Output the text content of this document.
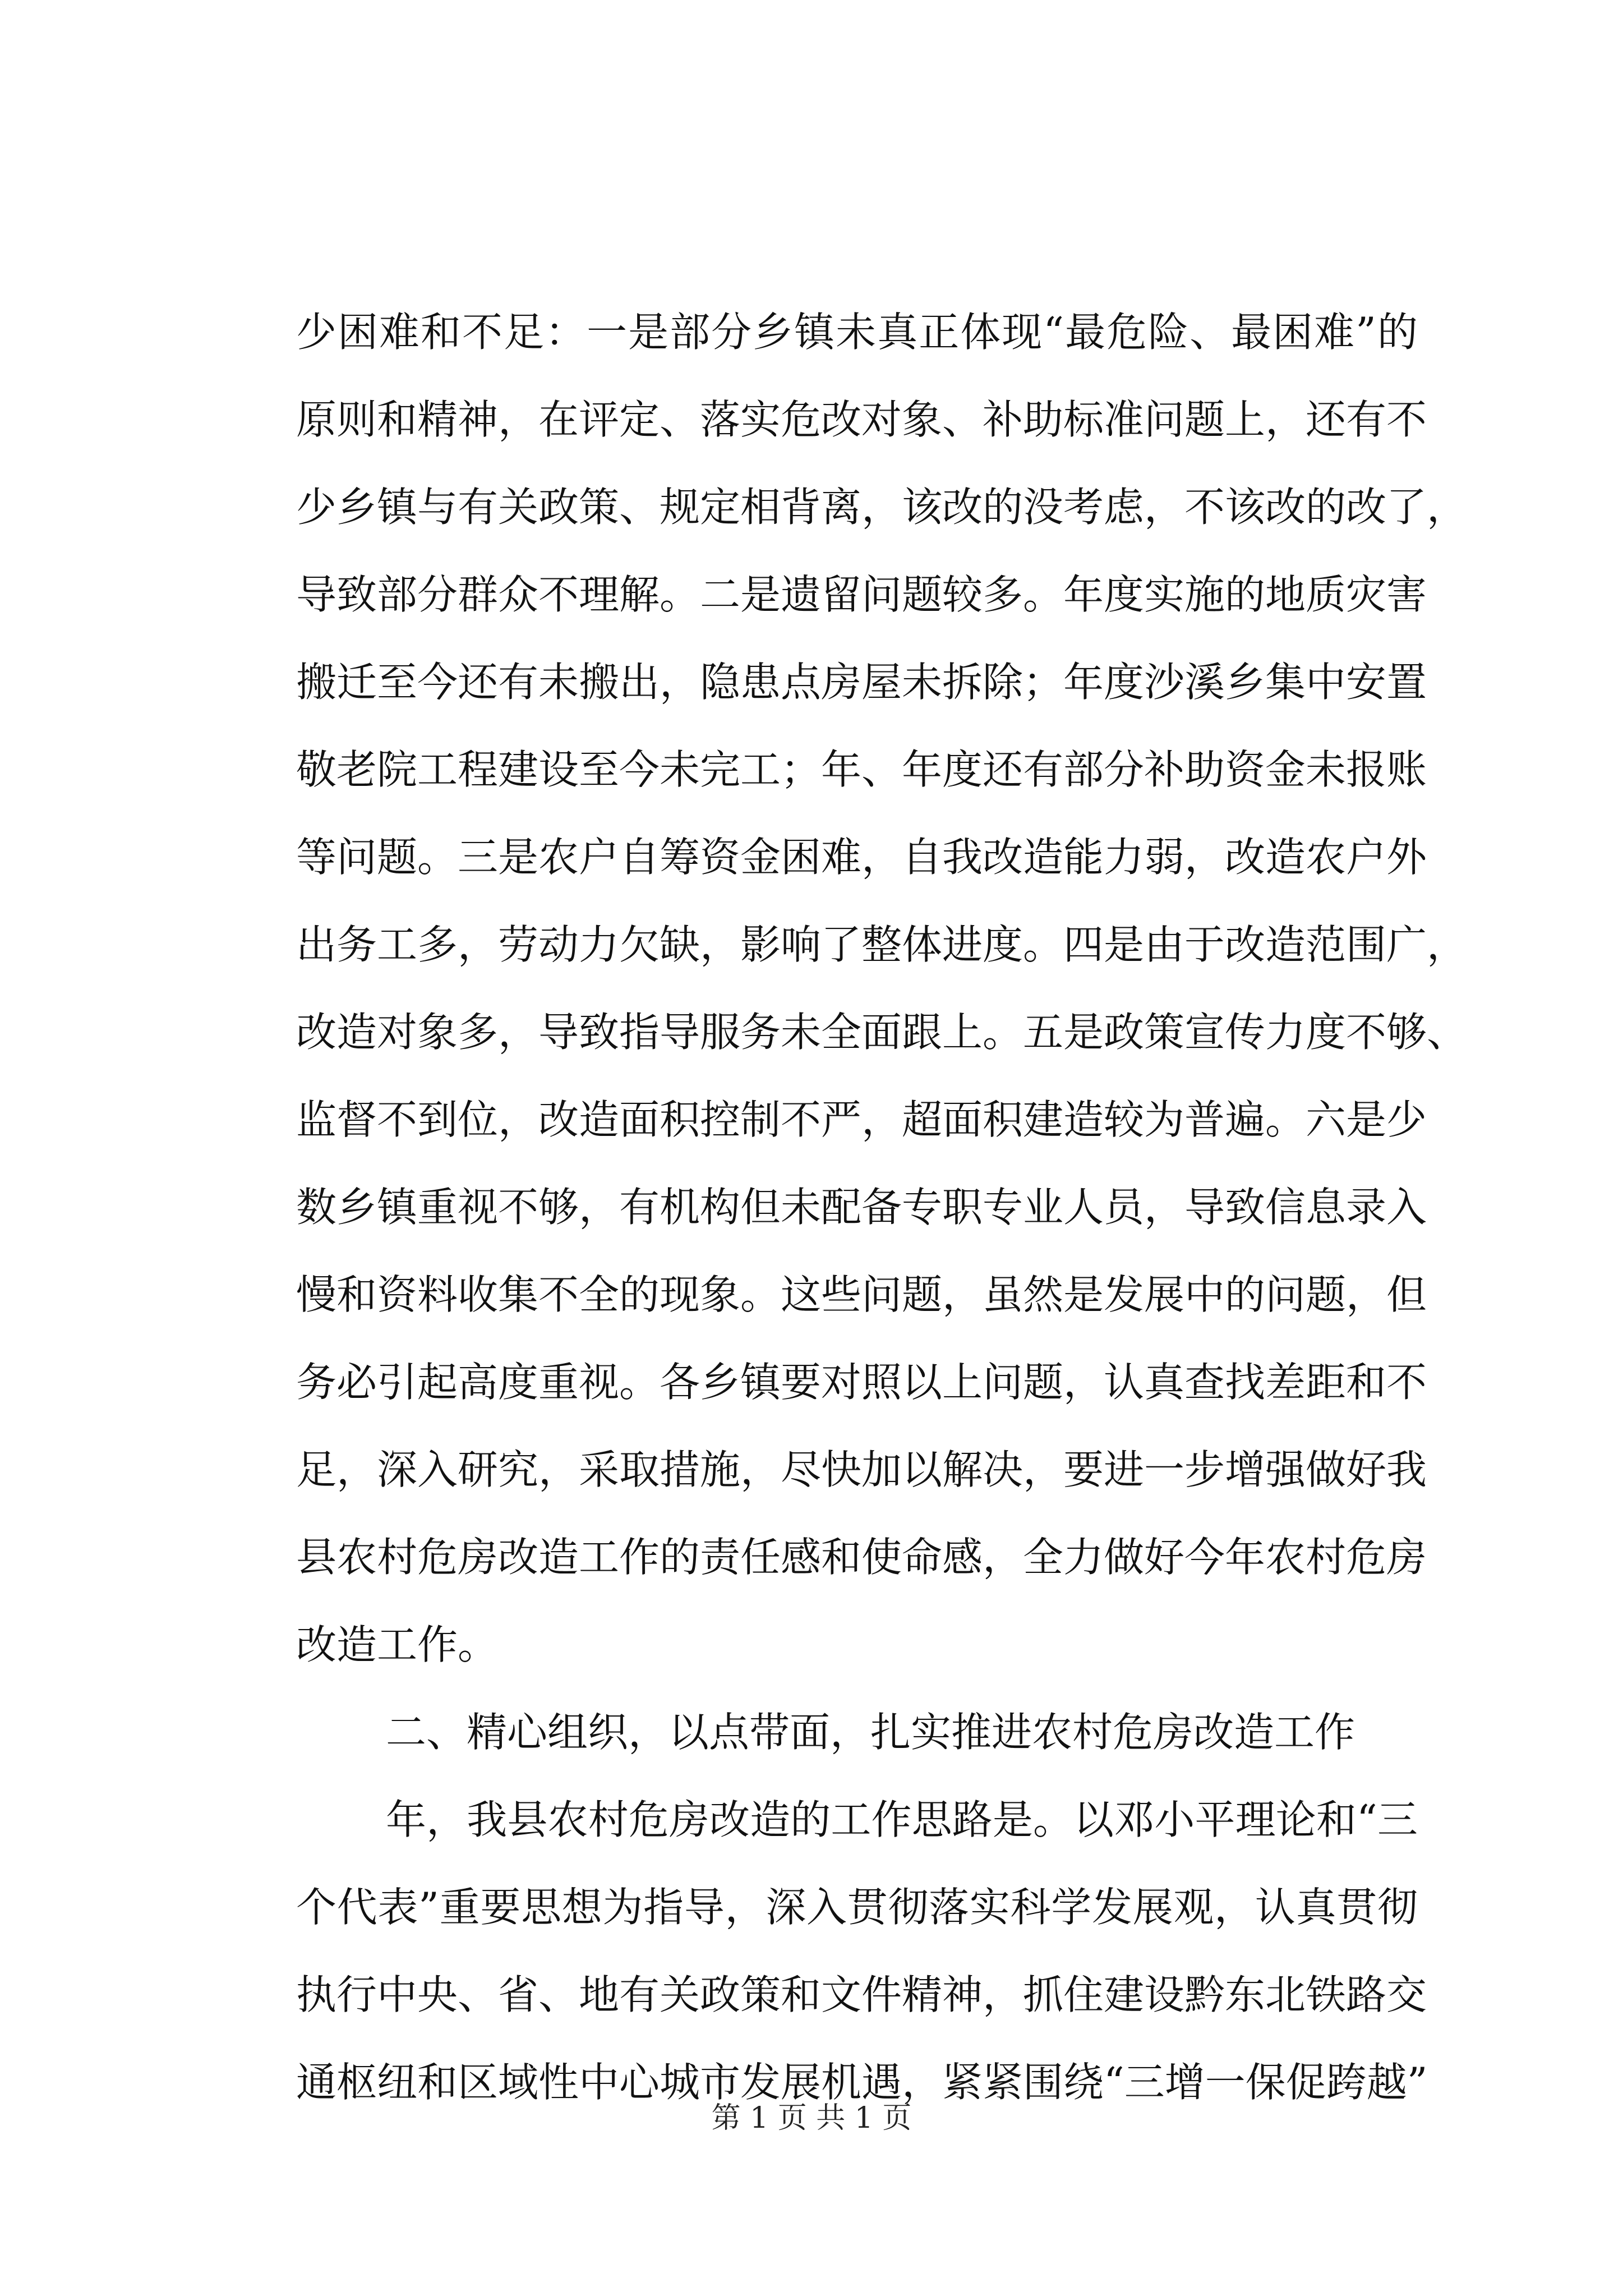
少困难和不足：一是部分乡镇未真正体现“最危险、最困难”的
原则和精神，在评定、落实危改对象、补助标准问题上，还有不
少乡镇与有关政策、规定相背离，该改的没考虑，不该改的改了，
导致部分群众不理解。二是遗留问题较多。年度实施的地质灾害
搬迁至今还有未搬出，隐患点房屋未拆除；年度沙溪乡集中安置
敬老院工程建设至今未完工；年、年度还有部分补助资金未报账
等问题。三是农户自筹资金困难，自我改造能力弱，改造农户外
出务工多，劳动力欠缺，影响了整体进度。四是由于改造范围广，
改造对象多，导致指导服务未全面跟上。五是政策宣传力度不够、
监督不到位，改造面积控制不严，超面积建造较为普遍。六是少
数乡镇重视不够，有机构但未配备专职专业人员，导致信息录入
慢和资料收集不全的现象。这些问题，虽然是发展中的问题，但
务必引起高度重视。各乡镇要对照以上问题，认真查找差距和不
足，深入研究，采取措施，尽快加以解决，要进一步增强做好我
县农村危房改造工作的责任感和使命感，全力做好今年农村危房
改造工作。
二、精心组织，以点带面，扎实推进农村危房改造工作
年，我县农村危房改造的工作思路是。以邓小平理论和“三
个代表”重要思想为指导，深入贯彻落实科学发展观，认真贯彻
执行中央、省、地有关政策和文件精神，抓住建设黔东北铁路交
通枢纽和区域性中心城市发展机遇，紧紧围绕“三增一保促跨越”
第 1 页 共 1 页
